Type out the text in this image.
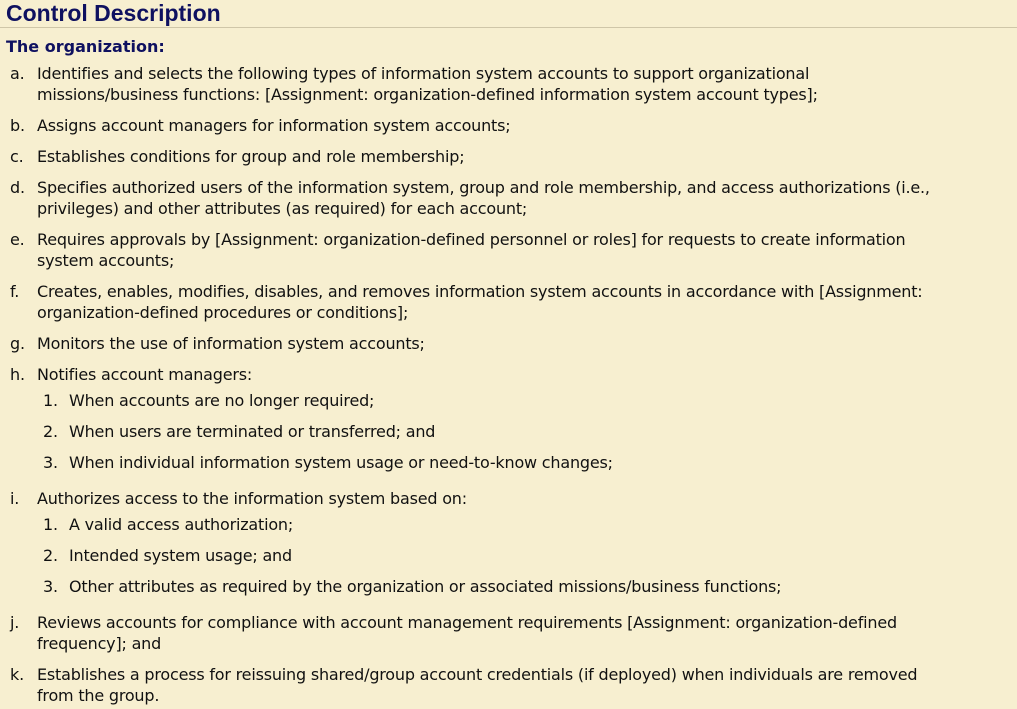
Control Description
The organization:
a. Identifies and selects the following types of information system accounts to support organizational
missions/business functions: [Assignment: organization-defined information system account types];
b. Assigns account managers for information system accounts;
c. Establishes conditions for group and role membership;
d. Specifies authorized users of the information system, group and role membership, and access authorizations (i.e.,
privileges) and other attributes (as required) for each account;
e. Requires approvals by [Assignment: organization-defined personnel or roles] for requests to create information
system accounts;
f. Creates, enables, modifies, disables, and removes information system accounts in accordance with [Assignment:
organization-defined procedures or conditions];
g. Monitors the use of information system accounts;
h. Notifies account managers:
1. When accounts are no longer required;
2. When users are terminated or transferred; and
3. When individual information system usage or need-to-know changes;
i. Authorizes access to the information system based on:
1. A valid access authorization;
2. Intended system usage; and
3. Other attributes as required by the organization or associated missions/business functions;
j. Reviews accounts for compliance with account management requirements [Assignment: organization-defined
frequency]; and
k. Establishes a process for reissuing shared/group account credentials (if deployed) when individuals are removed
from the group.
